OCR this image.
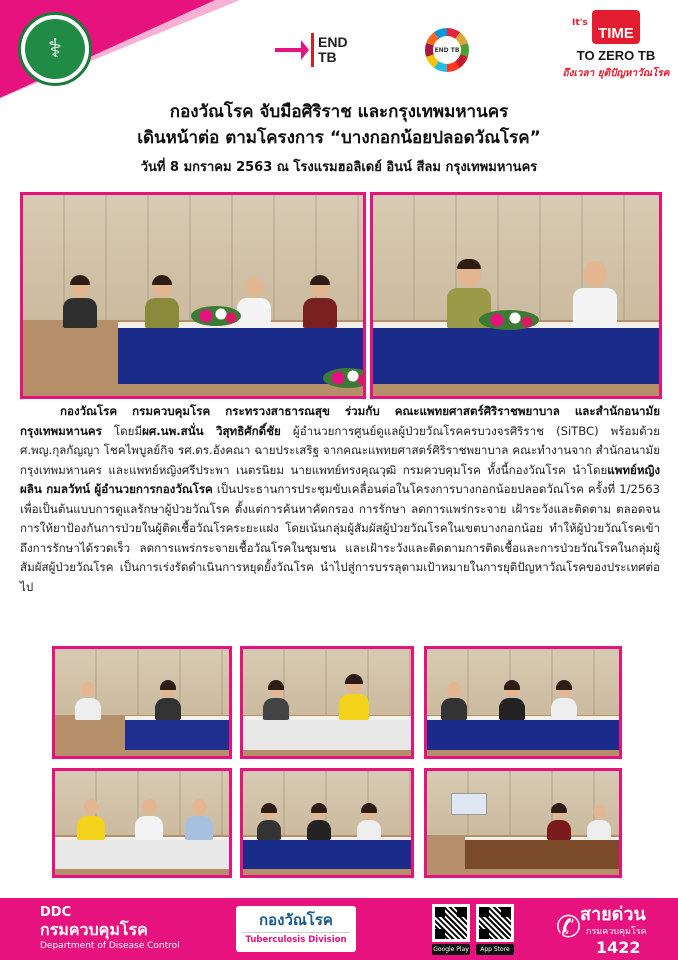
⚕	END
TB	END TB
It's
TIME
TO ZERO TB
ถึงเวลา ยุติปัญหาวัณโรค
กองวัณโรค จับมือศิริราช และกรุงเทพมหานคร
เดินหน้าต่อ ตามโครงการ “บางกอกน้อยปลอดวัณโรค”
วันที่ 8 มกราคม 2563 ณ โรงแรมฮอลิเดย์ อินน์ สีลม กรุงเทพมหานคร

กองวัณโรค กรมควบคุมโรค กระทรวงสาธารณสุข ร่วมกับ คณะแพทยศาสตร์ศิริราชพยาบาล และสำนักอนามัย กรุงเทพมหานคร โดยมีผศ.นพ.สนั่น วิสุทธิศักดิ์ชัย ผู้อำนวยการศูนย์ดูแลผู้ป่วยวัณโรคครบวงจรศิริราช (SiTBC) พร้อมด้วย ศ.พญ.กุลกัญญา โชคไพบูลย์กิจ รศ.ดร.อังคณา ฉายประเสริฐ จากคณะแพทยศาสตร์ศิริราชพยาบาล คณะทำงานจาก สำนักอนามัย กรุงเทพมหานคร และแพทย์หญิงศรีประพา เนตรนิยม นายแพทย์ทรงคุณวุฒิ กรมควบคุมโรค ทั้งนี้กองวัณโรค นำโดยแพทย์หญิงผลิน กมลวัทน์ ผู้อำนวยการกองวัณโรค เป็นประธานการประชุมขับเคลื่อนต่อในโครงการบางกอกน้อยปลอดวัณโรค ครั้งที่ 1/2563 เพื่อเป็นต้นแบบการดูแลรักษาผู้ป่วยวัณโรค ตั้งแต่การค้นหาคัดกรอง การรักษา ลดการแพร่กระจาย เฝ้าระวังและติดตาม ตลอดจนการให้ยาป้องกันการป่วยในผู้ติดเชื้อวัณโรคระยะแฝง โดยเน้นกลุ่มผู้สัมผัสผู้ป่วยวัณโรคในเขตบางกอกน้อย ทำให้ผู้ป่วยวัณโรคเข้าถึงการรักษาได้รวดเร็ว ลดการแพร่กระจายเชื้อวัณโรคในชุมชน และเฝ้าระวังและติดตามการติดเชื้อและการป่วยวัณโรคในกลุ่มผู้สัมผัสผู้ป่วยวัณโรค เป็นการเร่งรัดดำเนินการหยุดยั้งวัณโรค นำไปสู่การบรรลุตามเป้าหมายในการยุติปัญหาวัณโรคของประเทศต่อไป

DDC
กรมควบคุมโรค
Department of Disease Control
กองวัณโรค
Tuberculosis Division
Google Play	App Store
✆
สายด่วน
กรมควบคุมโรค
1422
